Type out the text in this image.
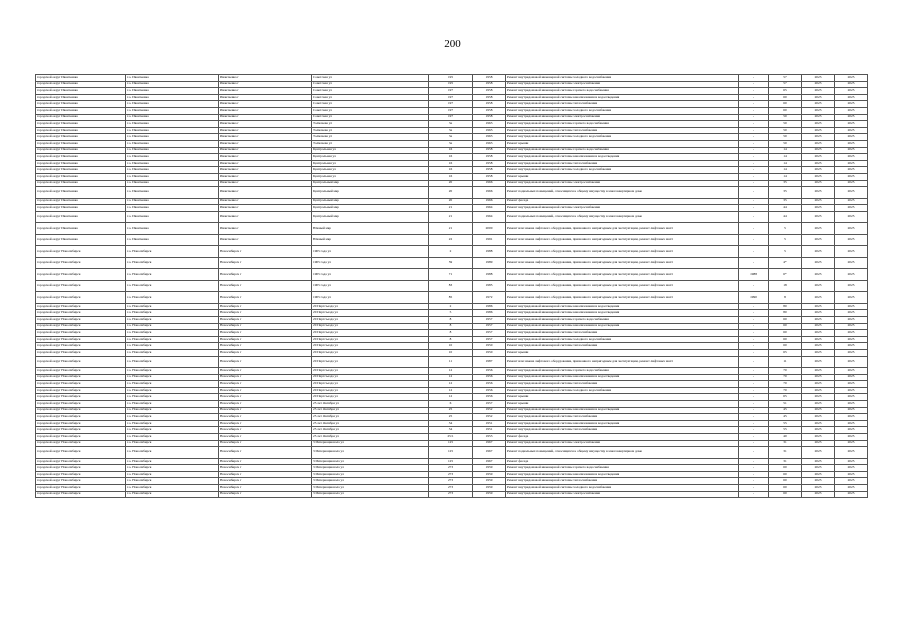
200
городской округ Ивантеевка	г.о. Ивантеевка	Ивантеевка г	Советская ул	195	1958	Ремонт внутридомовой инженерной системы холодного водоснабжения	-	57	2023	2025
городской округ Ивантеевка	г.о. Ивантеевка	Ивантеевка г	Советская ул	195	1958	Ремонт внутридомовой инженерной системы электроснабжения	-	57	2023	2025
городской округ Ивантеевка	г.о. Ивантеевка	Ивантеевка г	Советская ул	197	1958	Ремонт внутридомовой инженерной системы горячего водоснабжения	-	65	2023	2025
городской округ Ивантеевка	г.о. Ивантеевка	Ивантеевка г	Советская ул	197	1958	Ремонт внутридомовой инженерной системы канализования и водоотведения	-	60	2023	2025
городской округ Ивантеевка	г.о. Ивантеевка	Ивантеевка г	Советская ул	197	1958	Ремонт внутридомовой инженерной системы теплоснабжения	-	60	2023	2025
городской округ Ивантеевка	г.о. Ивантеевка	Ивантеевка г	Советская ул	197	1958	Ремонт внутридомовой инженерной системы холодного водоснабжения	-	60	2023	2025
городской округ Ивантеевка	г.о. Ивантеевка	Ивантеевка г	Советская ул	197	1958	Ремонт внутридомовой инженерной системы электроснабжения	-	50	2023	2025
городской округ Ивантеевка	г.о. Ивантеевка	Ивантеевка г	Толмачева ул	3а	1963	Ремонт внутридомовой инженерной системы горячего водоснабжения	-	50	2023	2025
городской округ Ивантеевка	г.о. Ивантеевка	Ивантеевка г	Толмачева ул	3а	1963	Ремонт внутридомовой инженерной системы теплоснабжения	-	50	2023	2025
городской округ Ивантеевка	г.о. Ивантеевка	Ивантеевка г	Толмачева ул	3а	1963	Ремонт внутридомовой инженерной системы холодного водоснабжения	-	50	2023	2025
городской округ Ивантеевка	г.о. Ивантеевка	Ивантеевка г	Толмачева ул	3а	1963	Ремонт крыши	-	50	2023	2025
городской округ Ивантеевка	г.о. Ивантеевка	Ивантеевка г	Центральная ул	16	1958	Ремонт внутридомовой инженерной системы горячего водоснабжения	-	14	2023	2025
городской округ Ивантеевка	г.о. Ивантеевка	Ивантеевка г	Центральная ул	16	1958	Ремонт внутридомовой инженерной системы канализования и водоотведения	-	14	2023	2025
городской округ Ивантеевка	г.о. Ивантеевка	Ивантеевка г	Центральная ул	16	1958	Ремонт внутридомовой инженерной системы теплоснабжения	-	14	2023	2025
городской округ Ивантеевка	г.о. Ивантеевка	Ивантеевка г	Центральная ул	16	1958	Ремонт внутридомовой инженерной системы холодного водоснабжения	-	14	2023	2025
городской округ Ивантеевка	г.о. Ивантеевка	Ивантеевка г	Центральная ул	16	1958	Ремонт крыши	-	14	2023	2025
городской округ Ивантеевка	г.о. Ивантеевка	Ивантеевка г	Центральный мкр	20	1966	Ремонт внутридомовой инженерной системы электроснабжения	-	35	2023	2025
городской округ Ивантеевка	г.о. Ивантеевка	Ивантеевка г	Центральный мкр	20	1966	Ремонт подвальных помещений, относящихся к общему имуществу в многоквартирном доме	-	35	2023	2025
городской округ Ивантеевка	г.о. Ивантеевка	Ивантеевка г	Центральный мкр	20	1966	Ремонт фасада	-	35	2023	2025
городской округ Ивантеевка	г.о. Ивантеевка	Ивантеевка г	Центральный мкр	21	1964	Ремонт внутридомовой инженерной системы электроснабжения	-	44	2023	2025
городской округ Ивантеевка	г.о. Ивантеевка	Ивантеевка г	Центральный мкр	21	1964	Ремонт подвальных помещений, относящихся к общему имуществу в многоквартирном доме	-	44	2023	2025
городской округ Ивантеевка	г.о. Ивантеевка	Ивантеевка г	Южный мкр	21	2000	Ремонт или замена лифтового оборудования, признанного непригодным для эксплуатации, ремонт лифтовых шахт	-	5	2023	2025
городской округ Ивантеевка	г.о. Ивантеевка	Ивантеевка г	Южный мкр	22	1991	Ремонт или замена лифтового оборудования, признанного непригодным для эксплуатации, ремонт лифтовых шахт	-	5	2023	2025
городской округ Новосибирск	г.о. Новосибирск	Новосибирск г	1905 года ул	2	1988	Ремонт или замена лифтового оборудования, признанного непригодным для эксплуатации, ремонт лифтовых шахт	-	5	2023	2025
городской округ Новосибирск	г.о. Новосибирск	Новосибирск г	1905 года ул	59	1989	Ремонт или замена лифтового оборудования, признанного непригодным для эксплуатации, ремонт лифтовых шахт	-	4*	2023	2025
городской округ Новосибирск	г.о. Новосибирск	Новосибирск г	1905 года ул	71	1988	Ремонт или замена лифтового оборудования, признанного непригодным для эксплуатации, ремонт лифтовых шахт	1988	6*	2023	2025
городской округ Новосибирск	г.о. Новосибирск	Новосибирск г	1905 года ул	83	1985	Ремонт или замена лифтового оборудования, признанного непригодным для эксплуатации, ремонт лифтовых шахт	-	18	2023	2025
городской округ Новосибирск	г.о. Новосибирск	Новосибирск г	1905 года ул	85	1972	Ремонт или замена лифтового оборудования, признанного непригодным для эксплуатации, ремонт лифтовых шахт	1990	8	2023	2025
городской округ Новосибирск	г.о. Новосибирск	Новосибирск г	20 Партсъезда ул	2	1986	Ремонт внутридомовой инженерной системы канализования и водоотведения	-	80	2023	2025
городской округ Новосибирск	г.о. Новосибирск	Новосибирск г	20 Партсъезда ул	5	1986	Ремонт внутридомовой инженерной системы канализования и водоотведения	-	80	2023	2025
городской округ Новосибирск	г.о. Новосибирск	Новосибирск г	20 Партсъезда ул	8	1957	Ремонт внутридомовой инженерной системы горячего водоснабжения	-	60	2023	2025
городской округ Новосибирск	г.о. Новосибирск	Новосибирск г	20 Партсъезда ул	8	1957	Ремонт внутридомовой инженерной системы канализования и водоотведения	-	60	2023	2025
городской округ Новосибирск	г.о. Новосибирск	Новосибирск г	20 Партсъезда ул	8	1957	Ремонт внутридомовой инженерной системы теплоснабжения	-	60	2023	2025
городской округ Новосибирск	г.о. Новосибирск	Новосибирск г	20 Партсъезда ул	8	1957	Ремонт внутридомовой инженерной системы холодного водоснабжения	-	60	2023	2025
городской округ Новосибирск	г.о. Новосибирск	Новосибирск г	20 Партсъезда ул	10	1950	Ремонт внутридомовой инженерной системы теплоснабжения	-	60	2023	2025
городской округ Новосибирск	г.о. Новосибирск	Новосибирск г	20 Партсъезда ул	10	1950	Ремонт крыши	-	65	2023	2025
городской округ Новосибирск	г.о. Новосибирск	Новосибирск г	20 Партсъезда ул	11	1987	Ремонт или замена лифтового оборудования, признанного непригодным для эксплуатации, ремонт лифтовых шахт	-	11	2023	2025
городской округ Новосибирск	г.о. Новосибирск	Новосибирск г	20 Партсъезда ул	12	1956	Ремонт внутридомовой инженерной системы горячего водоснабжения	-	70	2023	2025
городской округ Новосибирск	г.о. Новосибирск	Новосибирск г	20 Партсъезда ул	12	1956	Ремонт внутридомовой инженерной системы канализования и водоотведения	-	70	2023	2025
городской округ Новосибирск	г.о. Новосибирск	Новосибирск г	20 Партсъезда ул	12	1956	Ремонт внутридомовой инженерной системы теплоснабжения	-	70	2023	2025
городской округ Новосибирск	г.о. Новосибирск	Новосибирск г	20 Партсъезда ул	12	1956	Ремонт внутридомовой инженерной системы холодного водоснабжения	-	70	2023	2025
городской округ Новосибирск	г.о. Новосибирск	Новосибирск г	20 Партсъезда ул	12	1956	Ремонт крыши	-	65	2023	2025
городской округ Новосибирск	г.о. Новосибирск	Новосибирск г	25 лет Октября ул	6	1957	Ремонт крыши	-	51	2023	2025
городской округ Новосибирск	г.о. Новосибирск	Новосибирск г	25 лет Октября ул	25	1952	Ремонт внутридомовой инженерной системы канализования и водоотведения	-	45	2023	2025
городской округ Новосибирск	г.о. Новосибирск	Новосибирск г	25 лет Октября ул	25	1952	Ремонт внутридомовой инженерной системы теплоснабжения	-	45	2023	2025
городской округ Новосибирск	г.о. Новосибирск	Новосибирск г	25 лет Октября ул	34	1951	Ремонт внутридомовой инженерной системы канализования и водоотведения	-	55	2023	2025
городской округ Новосибирск	г.о. Новосибирск	Новосибирск г	25 лет Октября ул	34	1951	Ремонт внутридомовой инженерной системы теплоснабжения	-	55	2023	2025
городской округ Новосибирск	г.о. Новосибирск	Новосибирск г	25 лет Октября ул	25/1	1953	Ремонт фасада	-	40	2023	2025
городской округ Новосибирск	г.о. Новосибирск	Новосибирск г	3 Интернационала ул	125	1967	Ремонт внутридомовой инженерной системы электроснабжения	-	31	2023	2025
городской округ Новосибирск	г.о. Новосибирск	Новосибирск г	3 Интернационала ул	125	1967	Ремонт подвальных помещений, относящихся к общему имуществу в многоквартирном доме	-	31	2023	2025
городской округ Новосибирск	г.о. Новосибирск	Новосибирск г	3 Интернационала ул	125	1967	Ремонт фасада	-	31	2023	2025
городской округ Новосибирск	г.о. Новосибирск	Новосибирск г	3 Интернационала ул	273	1959	Ремонт внутридомовой инженерной системы горячего водоснабжения	-	60	2023	2025
городской округ Новосибирск	г.о. Новосибирск	Новосибирск г	3 Интернационала ул	273	1959	Ремонт внутридомовой инженерной системы канализования и водоотведения	-	60	2023	2025
городской округ Новосибирск	г.о. Новосибирск	Новосибирск г	3 Интернационала ул	273	1959	Ремонт внутридомовой инженерной системы теплоснабжения	-	60	2023	2025
городской округ Новосибирск	г.о. Новосибирск	Новосибирск г	3 Интернационала ул	273	1959	Ремонт внутридомовой инженерной системы холодного водоснабжения	-	60	2023	2025
городской округ Новосибирск	г.о. Новосибирск	Новосибирск г	3 Интернационала ул	273	1959	Ремонт внутридомовой инженерной системы электроснабжения	-	60	2023	2025
